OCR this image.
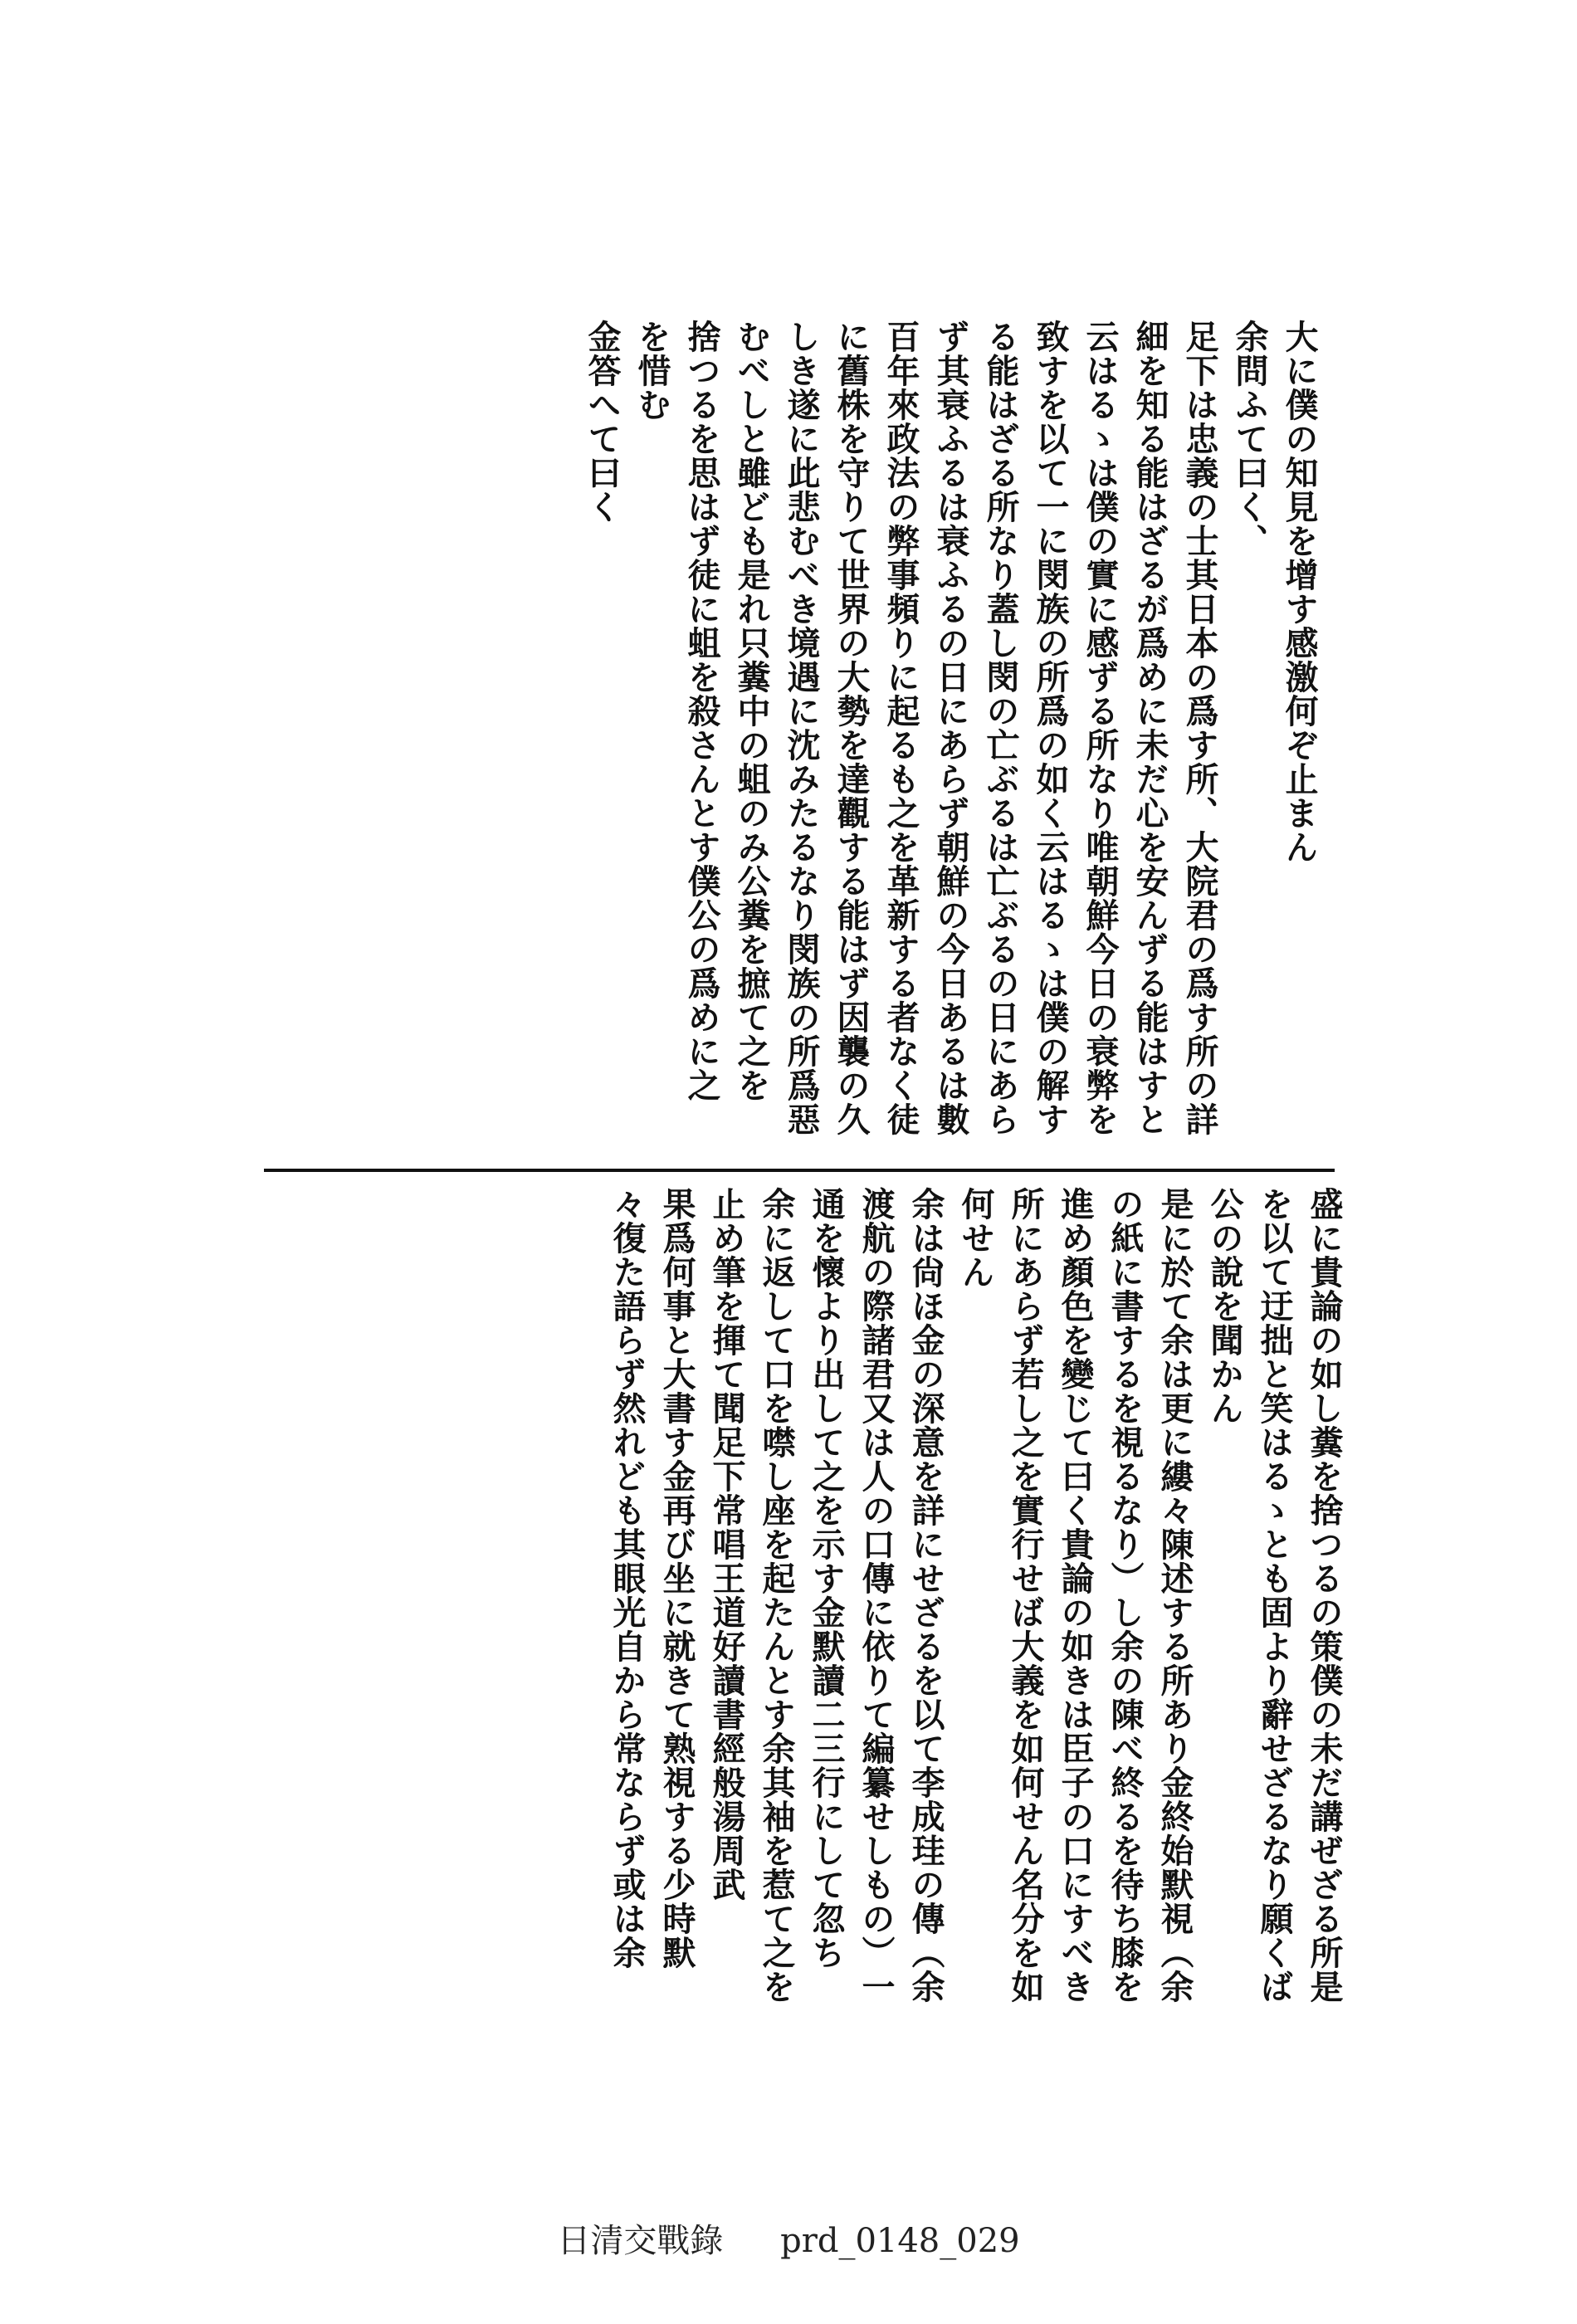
大に僕の知見を增す感激何ぞ止まん
余問ふて曰く、
足下は忠義の士其日本の爲す所、大院君の爲す所の詳
細を知る能はざるが爲めに未だ心を安んずる能はすと
云はるゝは僕の實に感ずる所なり唯朝鮮今日の衰弊を
致すを以て一に閔族の所爲の如く云はるゝは僕の解す
る能はざる所なり蓋し閔の亡ぶるは亡ぶるの日にあら
ず其衰ふるは衰ふるの日にあらず朝鮮の今日あるは數
百年來政法の弊事頻りに起るも之を革新する者なく徒
に舊株を守りて世界の大勢を達觀する能はず因襲の久
しき遂に此悲むべき境遇に沈みたるなり閔族の所爲惡
むべしと雖ども是れ只糞中の蛆のみ公糞を摭て之を
捨つるを思はず徒に蛆を殺さんとす僕公の爲めに之
を惜む
金答へて曰く
盛に貴論の如し糞を捨つるの策僕の未だ講ぜざる所是
を以て迂拙と笑はるゝとも固より辭せざるなり願くば
公の說を聞かん
是に於て余は更に縷々陳述する所あり金終始默視（余
の紙に書するを視るなり）し余の陳べ終るを待ち膝を
進め顏色を變じて曰く貴論の如きは臣子の口にすべき
所にあらず若し之を實行せば大義を如何せん名分を如
何せん
余は尙ほ金の深意を詳にせざるを以て李成珪の傳（余
渡航の際諸君又は人の口傳に依りて編纂せしもの）一
通を懷より出して之を示す金默讀二三行にして忽ち
余に返して口を噤し座を起たんとす余其袖を惹て之を
止め筆を揮て聞足下常唱王道好讀書經般湯周武
果爲何事と大書す金再び坐に就きて熟視する少時默
々復た語らず然れども其眼光自から常ならず或は余
日清交戰錄 prd_0148_029
